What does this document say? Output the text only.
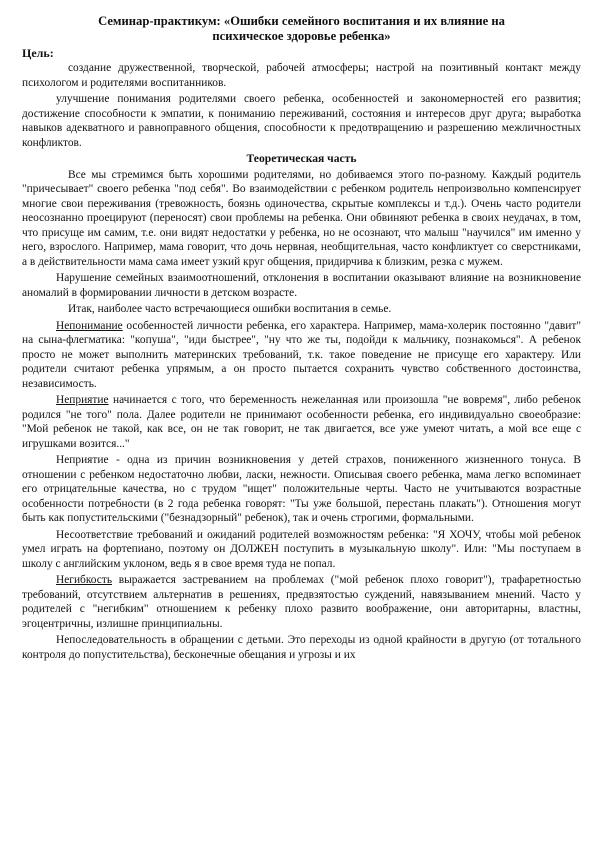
Семинар-практикум: «Ошибки семейного воспитания и их влияние на

психическое здоровье ребенка»

Цель:

создание дружественной, творческой, рабочей атмосферы; настрой на позитивный контакт между психологом и родителями воспитанников.

улучшение понимания родителями своего ребенка, особенностей и закономерностей его развития; достижение способности к эмпатии, к пониманию переживаний, состояния и интересов друг друга; выработка навыков адекватного и равноправного общения, способности к предотвращению и разрешению межличностных конфликтов.

Теоретическая часть

Все мы стремимся быть хорошими родителями, но добиваемся этого по-разному. Каждый родитель "причесывает" своего ребенка "под себя". Во взаимодействии с ребенком родитель непроизвольно компенсирует многие свои переживания (тревожность, боязнь одиночества, скрытые комплексы и т.д.). Очень часто родители неосознанно проецируют (переносят) свои проблемы на ребенка. Они обвиняют ребенка в своих неудачах, в том, что присуще им самим, т.е. они видят недостатки у ребенка, но не осознают, что малыш "научился" им именно у него, взрослого. Например, мама говорит, что дочь нервная, необщительная, часто конфликтует со сверстниками, а в действительности мама сама имеет узкий круг общения, придирчива к близким, резка с мужем.

Нарушение семейных взаимоотношений, отклонения в воспитании оказывают влияние на возникновение аномалий в формировании личности в детском возрасте.

Итак, наиболее часто встречающиеся ошибки воспитания в семье.

Непонимание особенностей личности ребенка, его характера. Например, мама-холерик постоянно "давит" на сына-флегматика: "копуша", "иди быстрее", "ну что же ты, подойди к мальчику, познакомься". А ребенок просто не может выполнить материнских требований, т.к. такое поведение не присуще его характеру. Или родители считают ребенка упрямым, а он просто пытается сохранить чувство собственного достоинства, независимость.

Неприятие начинается с того, что беременность нежеланная или произошла "не вовремя", либо ребенок родился "не того" пола. Далее родители не принимают особенности ребенка, его индивидуально своеобразие: "Мой ребенок не такой, как все, он не так говорит, не так двигается, все уже умеют читать, а мой все еще с игрушками возится..."

Неприятие - одна из причин возникновения у детей страхов, пониженного жизненного тонуса. В отношении с ребенком недостаточно любви, ласки, нежности. Описывая своего ребенка, мама легко вспоминает его отрицательные качества, но с трудом "ищет" положительные черты. Часто не учитываются возрастные особенности потребности (в 2 года ребенка говорят: "Ты уже большой, перестань плакать"). Отношения могут быть как попустительскими ("безнадзорный" ребенок), так и очень строгими, формальными.

Несоответствие требований и ожиданий родителей возможностям ребенка: "Я ХОЧУ, чтобы мой ребенок умел играть на фортепиано, поэтому он ДОЛЖЕН поступить в музыкальную школу". Или: "Мы поступаем в школу с английским уклоном, ведь я в свое время туда не попал.

Негибкость выражается застреванием на проблемах ("мой ребенок плохо говорит"), трафаретностью требований, отсутствием альтернатив в решениях, предвзятостью суждений, навязыванием мнений. Часто у родителей с "негибким" отношением к ребенку плохо развито воображение, они авторитарны, властны, эгоцентричны, излишне принципиальны.

Непоследовательность в обращении с детьми. Это переходы из одной крайности в другую (от тотального контроля до попустительства), бесконечные обещания и угрозы и их
